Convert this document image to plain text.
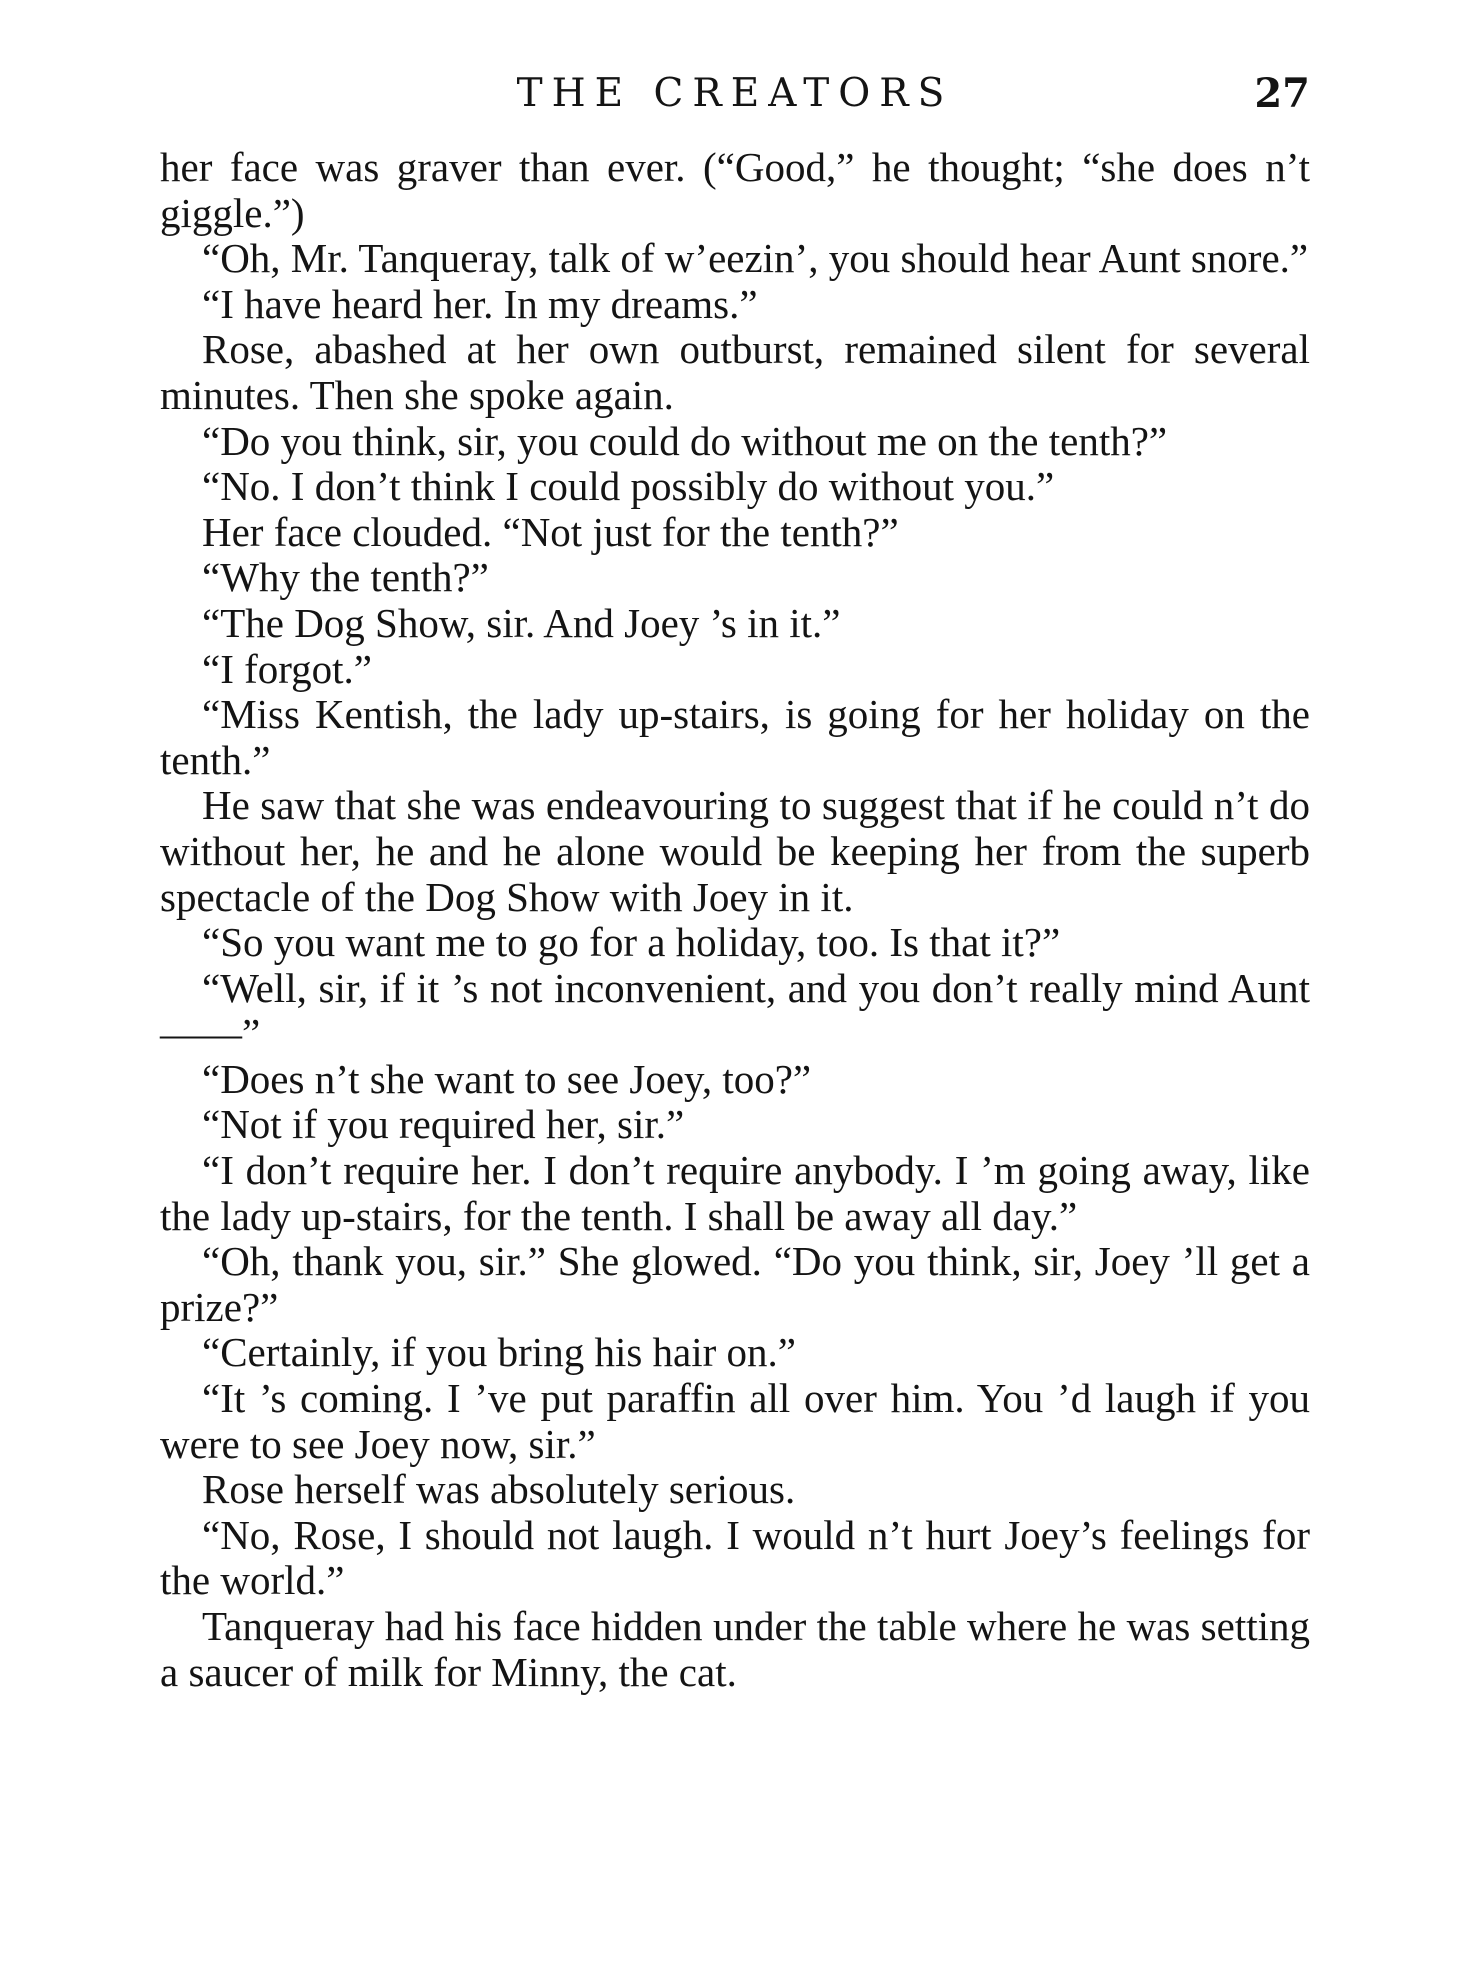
THE CREATORS	27

her face was graver than ever. (“Good,” he thought; “she does n’t giggle.”)

“Oh, Mr. Tanqueray, talk of w’eezin’, you should hear Aunt snore.”

“I have heard her. In my dreams.”

Rose, abashed at her own outburst, remained silent for several minutes. Then she spoke again.

“Do you think, sir, you could do without me on the tenth?”

“No. I don’t think I could possibly do without you.”

Her face clouded. “Not just for the tenth?”

“Why the tenth?”

“The Dog Show, sir. And Joey ’s in it.”

“I forgot.”

“Miss Kentish, the lady up-stairs, is going for her holiday on the tenth.”

He saw that she was endeavouring to suggest that if he could n’t do without her, he and he alone would be keeping her from the superb spectacle of the Dog Show with Joey in it.

“So you want me to go for a holiday, too. Is that it?”

“Well, sir, if it ’s not inconvenient, and you don’t really mind Aunt——”

“Does n’t she want to see Joey, too?”

“Not if you required her, sir.”

“I don’t require her. I don’t require anybody. I ’m going away, like the lady up-stairs, for the tenth. I shall be away all day.”

“Oh, thank you, sir.” She glowed. “Do you think, sir, Joey ’ll get a prize?”

“Certainly, if you bring his hair on.”

“It ’s coming. I ’ve put paraffin all over him. You ’d laugh if you were to see Joey now, sir.”

Rose herself was absolutely serious.

“No, Rose, I should not laugh. I would n’t hurt Joey’s feelings for the world.”

Tanqueray had his face hidden under the table where he was setting a saucer of milk for Minny, the cat.
